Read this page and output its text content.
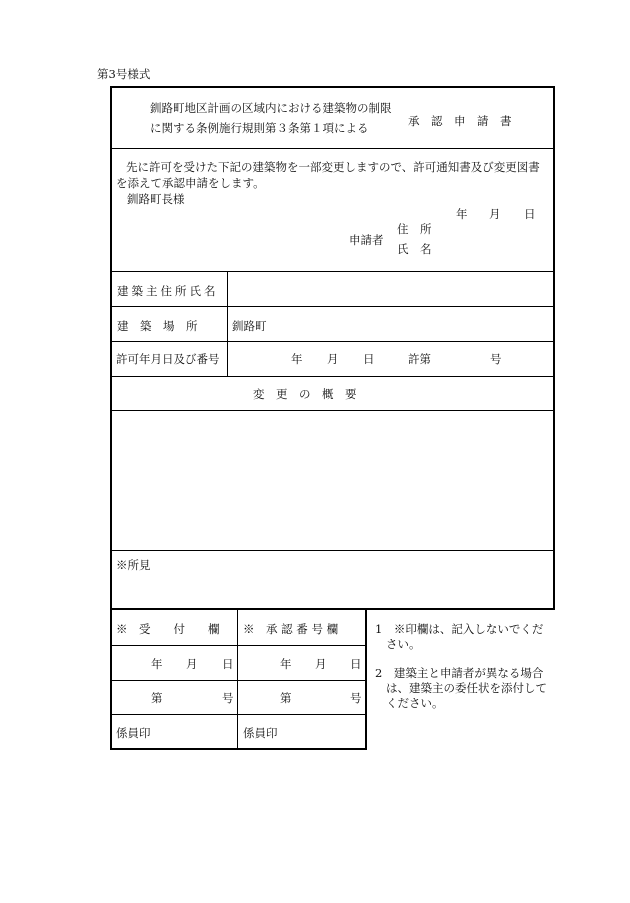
第3号様式
釧路町地区計画の区域内における建築物の制限
に関する条例施行規則第３条第１項による	承　認　申　請　書
先に許可を受けた下記の建築物を一部変更しますので、許可通知書及び変更図書
を添えて承認申請をします。
釧路町長様
年 月 日
申請者
住　所
氏　名
建築主住所氏名
建　築　場　所	釧路町
許可年月日及び番号	年 月 日	許第	号
変　更　の　概　要
※所見
※　受　　付　　欄 ※　承 認 番 号 欄
年 月 日	年 月 日
第	号	第	号
係員印	係員印
1　※印欄は、記入しないでくだ
さい。
2　建築主と申請者が異なる場合
は、建築主の委任状を添付して
ください。
